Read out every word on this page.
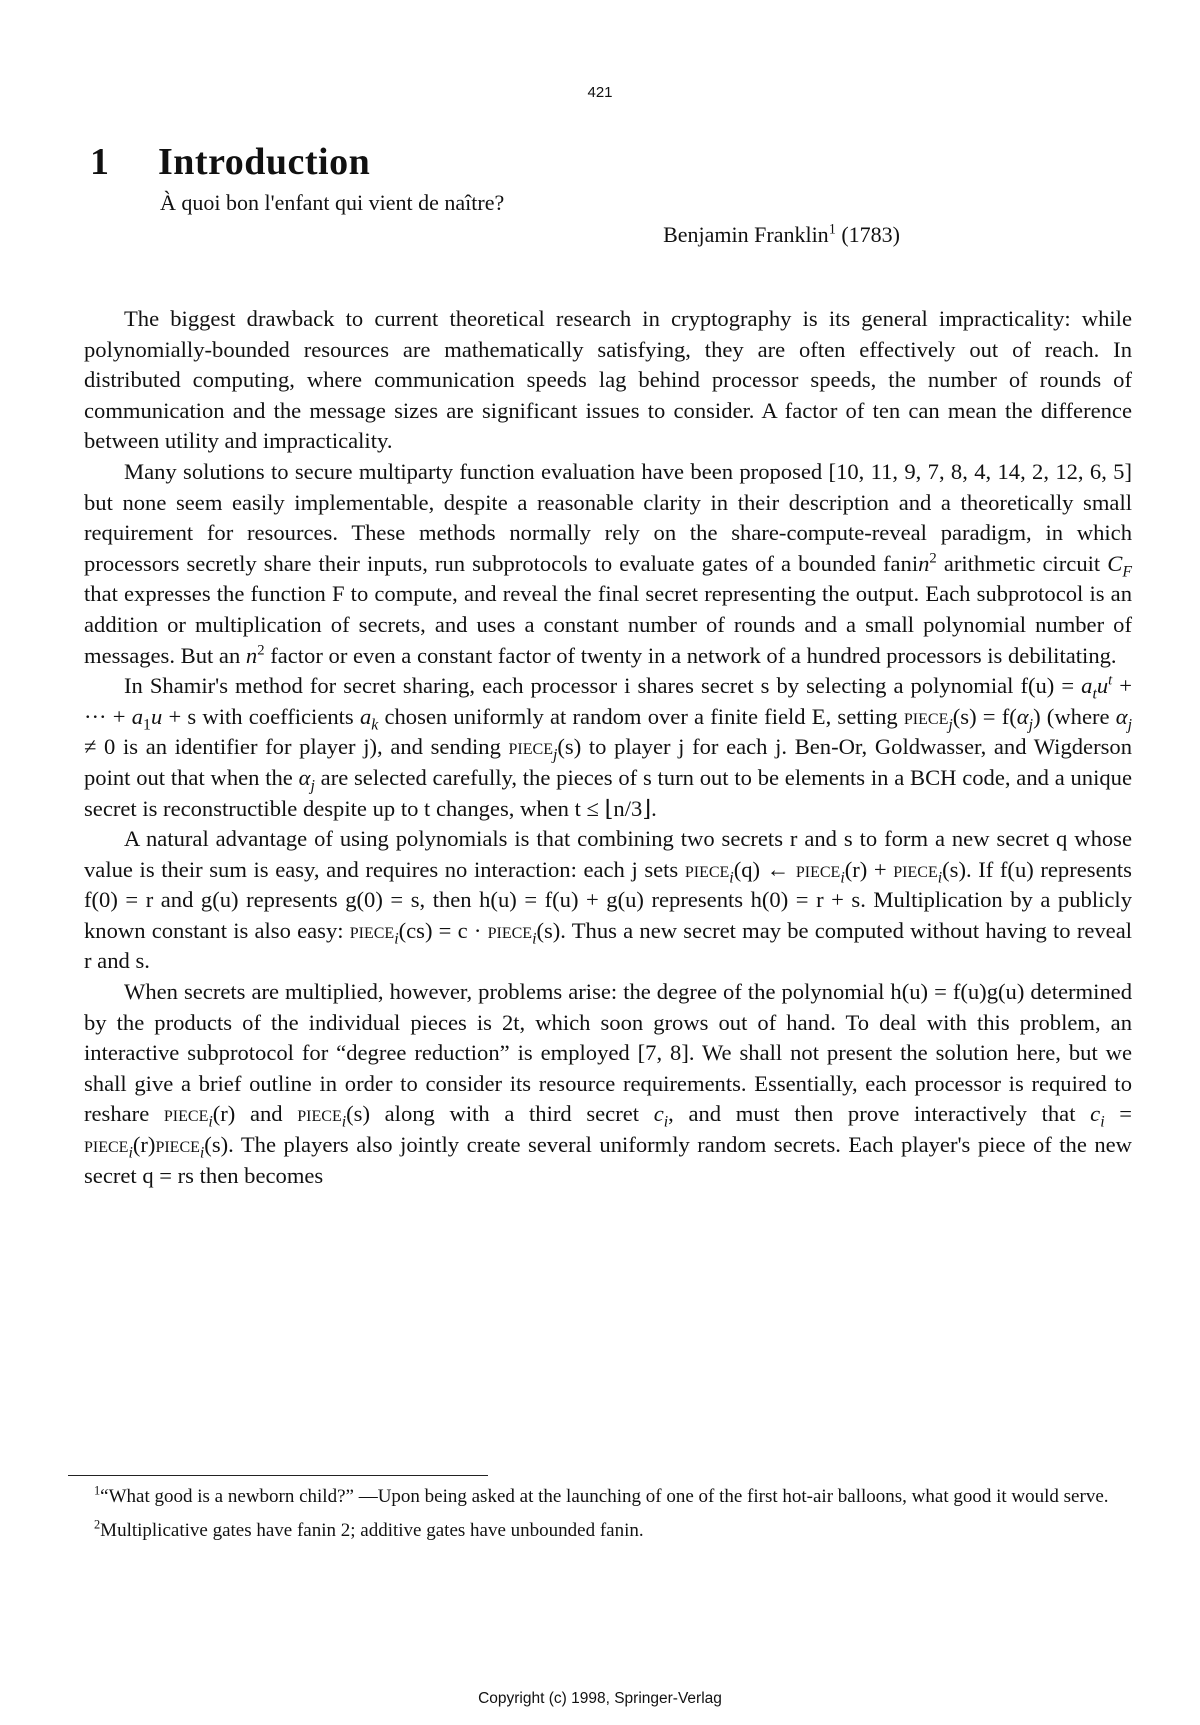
421
1 Introduction

À quoi bon l'enfant qui vient de naître?

Benjamin Franklin$^1$ (1783)

The biggest drawback to current theoretical research in cryptography is its general impracticality: while polynomially-bounded resources are mathematically satisfying, they are often effectively out of reach. In distributed computing, where communication speeds lag behind processor speeds, the number of rounds of communication and the message sizes are significant issues to consider. A factor of ten can mean the difference between utility and impracticality.

Many solutions to secure multiparty function evaluation have been proposed [10, 11, 9, 7, 8, 4, 14, 2, 12, 6, 5] but none seem easily implementable, despite a reasonable clarity in their description and a theoretically small requirement for resources. These methods normally rely on the share-compute-reveal paradigm, in which processors secretly share their inputs, run subprotocols to evaluate gates of a bounded fanin$^2$ arithmetic circuit $C_F$ that expresses the function F to compute, and reveal the final secret representing the output. Each subprotocol is an addition or multiplication of secrets, and uses a constant number of rounds and a small polynomial number of messages. But an $n^2$ factor or even a constant factor of twenty in a network of a hundred processors is debilitating.

In Shamir's method for secret sharing, each processor i shares secret s by selecting a polynomial $f(u) = a_tu^t$ + ··· + $a_1u + s$ with coefficients $a_k$ chosen uniformly at random over a finite field E, setting piece$_j$(s) = $f(\alpha_j)$ (where $\alpha_j \ne 0$ is an identifier for player j), and sending piece$_j$(s) to player j for each j. Ben-Or, Goldwasser, and Wigderson point out that when the $\alpha_j$ are selected carefully, the pieces of s turn out to be elements in a BCH code, and a unique secret is reconstructible despite up to t changes, when t ≤ ⌊n/3⌋.

A natural advantage of using polynomials is that combining two secrets r and s to form a new secret q whose value is their sum is easy, and requires no interaction: each j sets piece$_i$(q) ← piece$_i$(r) + piece$_i$(s). If f(u) represents f(0) = r and g(u) represents g(0) = s, then h(u) = f(u) + g(u) represents h(0) = r + s. Multiplication by a publicly known constant is also easy: piece$_i$(cs) = c · piece$_i$(s). Thus a new secret may be computed without having to reveal r and s.

When secrets are multiplied, however, problems arise: the degree of the polynomial h(u) = f(u)g(u) determined by the products of the individual pieces is 2t, which soon grows out of hand. To deal with this problem, an interactive subprotocol for “degree reduction” is employed [7, 8]. We shall not present the solution here, but we shall give a brief outline in order to consider its resource requirements. Essentially, each processor is required to reshare piece$_i$(r) and piece$_i$(s) along with a third secret $c_i$, and must then prove interactively that $c_i$ = piece$_i$(r)piece$_i$(s). The players also jointly create several uniformly random secrets. Each player's piece of the new secret q = rs then becomes

$^1$“What good is a newborn child?” —Upon being asked at the launching of one of the first hot-air balloons, what good it would serve.

$^2$Multiplicative gates have fanin 2; additive gates have unbounded fanin.

Copyright (c) 1998, Springer-Verlag
